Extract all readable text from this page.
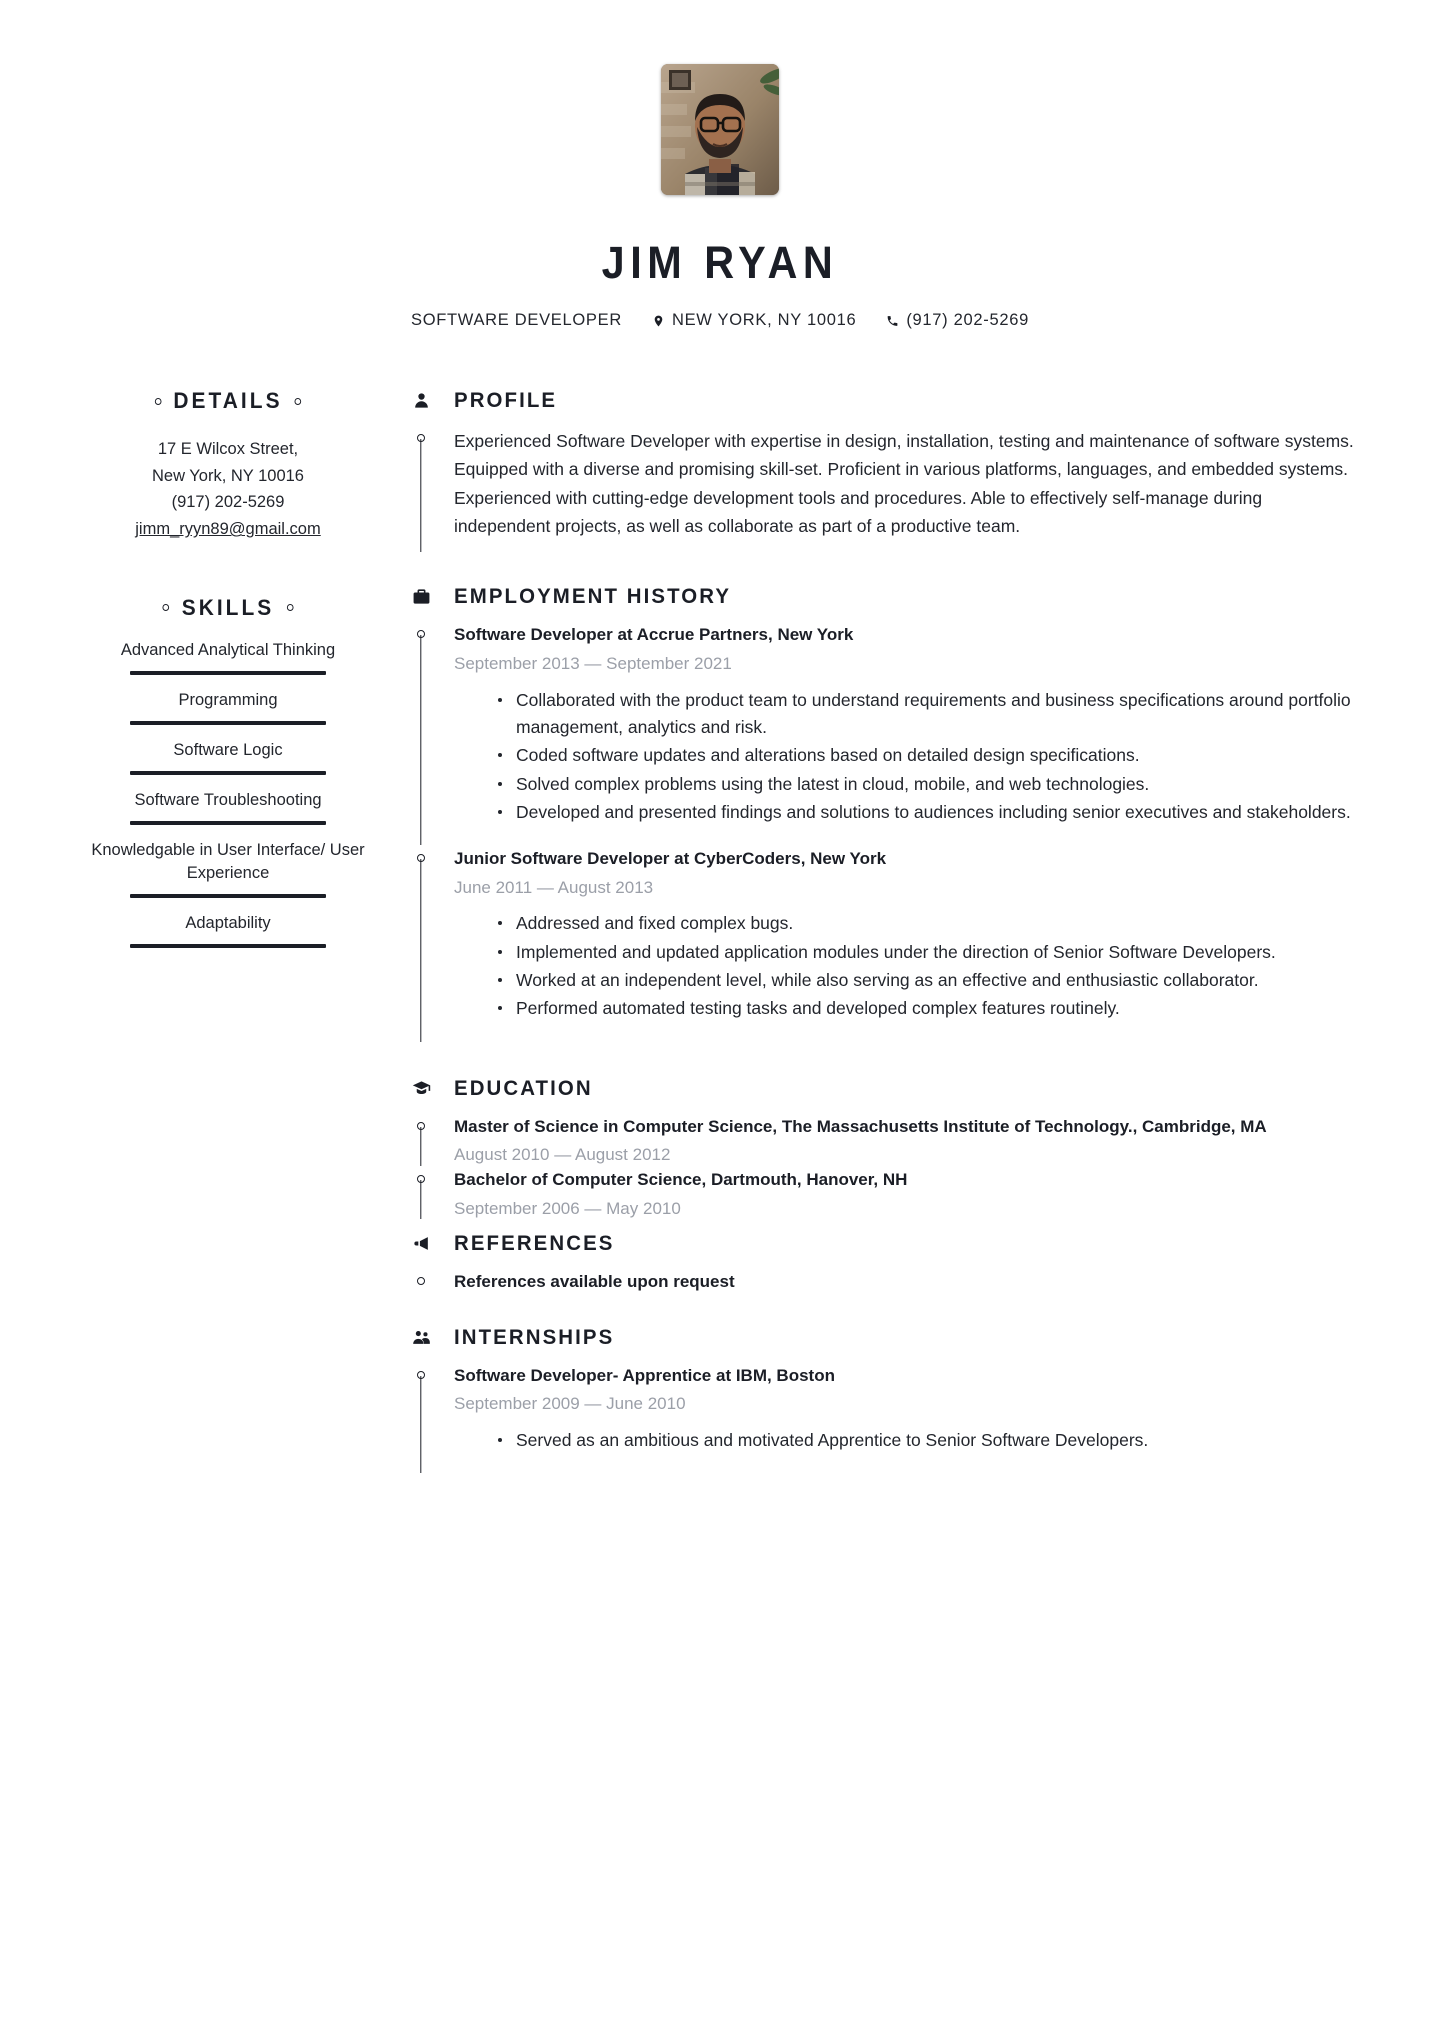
JIM RYAN
SOFTWARE DEVELOPER	NEW YORK, NY 10016	(917) 202-5269
DETAILS
17 E Wilcox Street,
New York, NY 10016
(917) 202-5269
jimm_ryyn89@gmail.com
SKILLS
Advanced Analytical Thinking
Programming
Software Logic
Software Troubleshooting
Knowledgable in User Interface/ User Experience
Adaptability
PROFILE

Experienced Software Developer with expertise in design, installation, testing and maintenance of software systems. Equipped with a diverse and promising skill-set. Proficient in various platforms, languages, and embedded systems. Experienced with cutting-edge development tools and procedures. Able to effectively self-manage during independent projects, as well as collaborate as part of a productive team.

EMPLOYMENT HISTORY
Software Developer at Accrue Partners, New York
September 2013 — September 2021
Collaborated with the product team to understand requirements and business specifications around portfolio management, analytics and risk.
Coded software updates and alterations based on detailed design specifications.
Solved complex problems using the latest in cloud, mobile, and web technologies.
Developed and presented findings and solutions to audiences including senior executives and stakeholders.
Junior Software Developer at CyberCoders, New York
June 2011 — August 2013
Addressed and fixed complex bugs.
Implemented and updated application modules under the direction of Senior Software Developers.
Worked at an independent level, while also serving as an effective and enthusiastic collaborator.
Performed automated testing tasks and developed complex features routinely.
EDUCATION
Master of Science in Computer Science, The Massachusetts Institute of Technology., Cambridge, MA
August 2010 — August 2012
Bachelor of Computer Science, Dartmouth, Hanover, NH
September 2006 — May 2010
REFERENCES
References available upon request
INTERNSHIPS
Software Developer- Apprentice at IBM, Boston
September 2009 — June 2010
Served as an ambitious and motivated Apprentice to Senior Software Developers.
